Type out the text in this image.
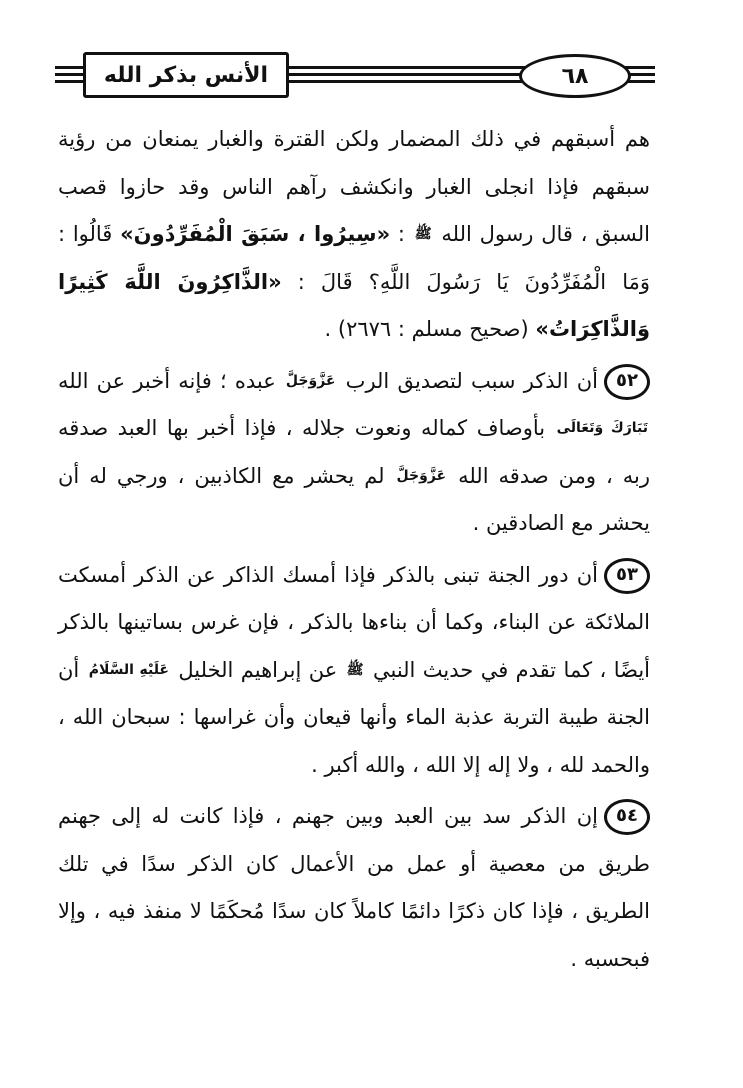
الأنس بذكر الله	٦٨

هم أسبقهم في ذلك المضمار ولكن القترة والغبار يمنعان من رؤية سبقهم فإذا انجلى الغبار وانكشف رآهم الناس وقد حازوا قصب السبق ، قال رسول الله $^ﷺ$ : «سِيرُوا ، سَبَقَ الْمُفَرِّدُونَ» قَالُوا : وَمَا الْمُفَرِّدُونَ يَا رَسُولَ اللَّهِ؟ قَالَ : «الذَّاكِرُونَ اللَّهَ كَثِيرًا وَالذَّاكِرَاتُ» (صحيح مسلم : ٢٦٧٦) .

٥٢أن الذكر سبب لتصديق الرب $^{عَزَّوَجَلَّ}$ عبده ؛ فإنه أخبر عن الله $^{تَبَارَكَ وَتَعَالَى}$ بأوصاف كماله ونعوت جلاله ، فإذا أخبر بها العبد صدقه ربه ، ومن صدقه الله $^{عَزَّوَجَلَّ}$ لم يحشر مع الكاذبين ، ورجي له أن يحشر مع الصادقين .

٥٣أن دور الجنة تبنى بالذكر فإذا أمسك الذاكر عن الذكر أمسكت الملائكة عن البناء، وكما أن بناءها بالذكر ، فإن غرس بساتينها بالذكر أيضًا ، كما تقدم في حديث النبي $^ﷺ$ عن إبراهيم الخليل $^{عَلَيْهِ السَّلَامُ}$ أن الجنة طيبة التربة عذبة الماء وأنها قيعان وأن غراسها : سبحان الله ، والحمد لله ، ولا إله إلا الله ، والله أكبر .

٥٤إن الذكر سد بين العبد وبين جهنم ، فإذا كانت له إلى جهنم طريق من معصية أو عمل من الأعمال كان الذكر سدًا في تلك الطريق ، فإذا كان ذكرًا دائمًا كاملاً كان سدًا مُحكَمًا لا منفذ فيه ، وإلا فبحسبه .
